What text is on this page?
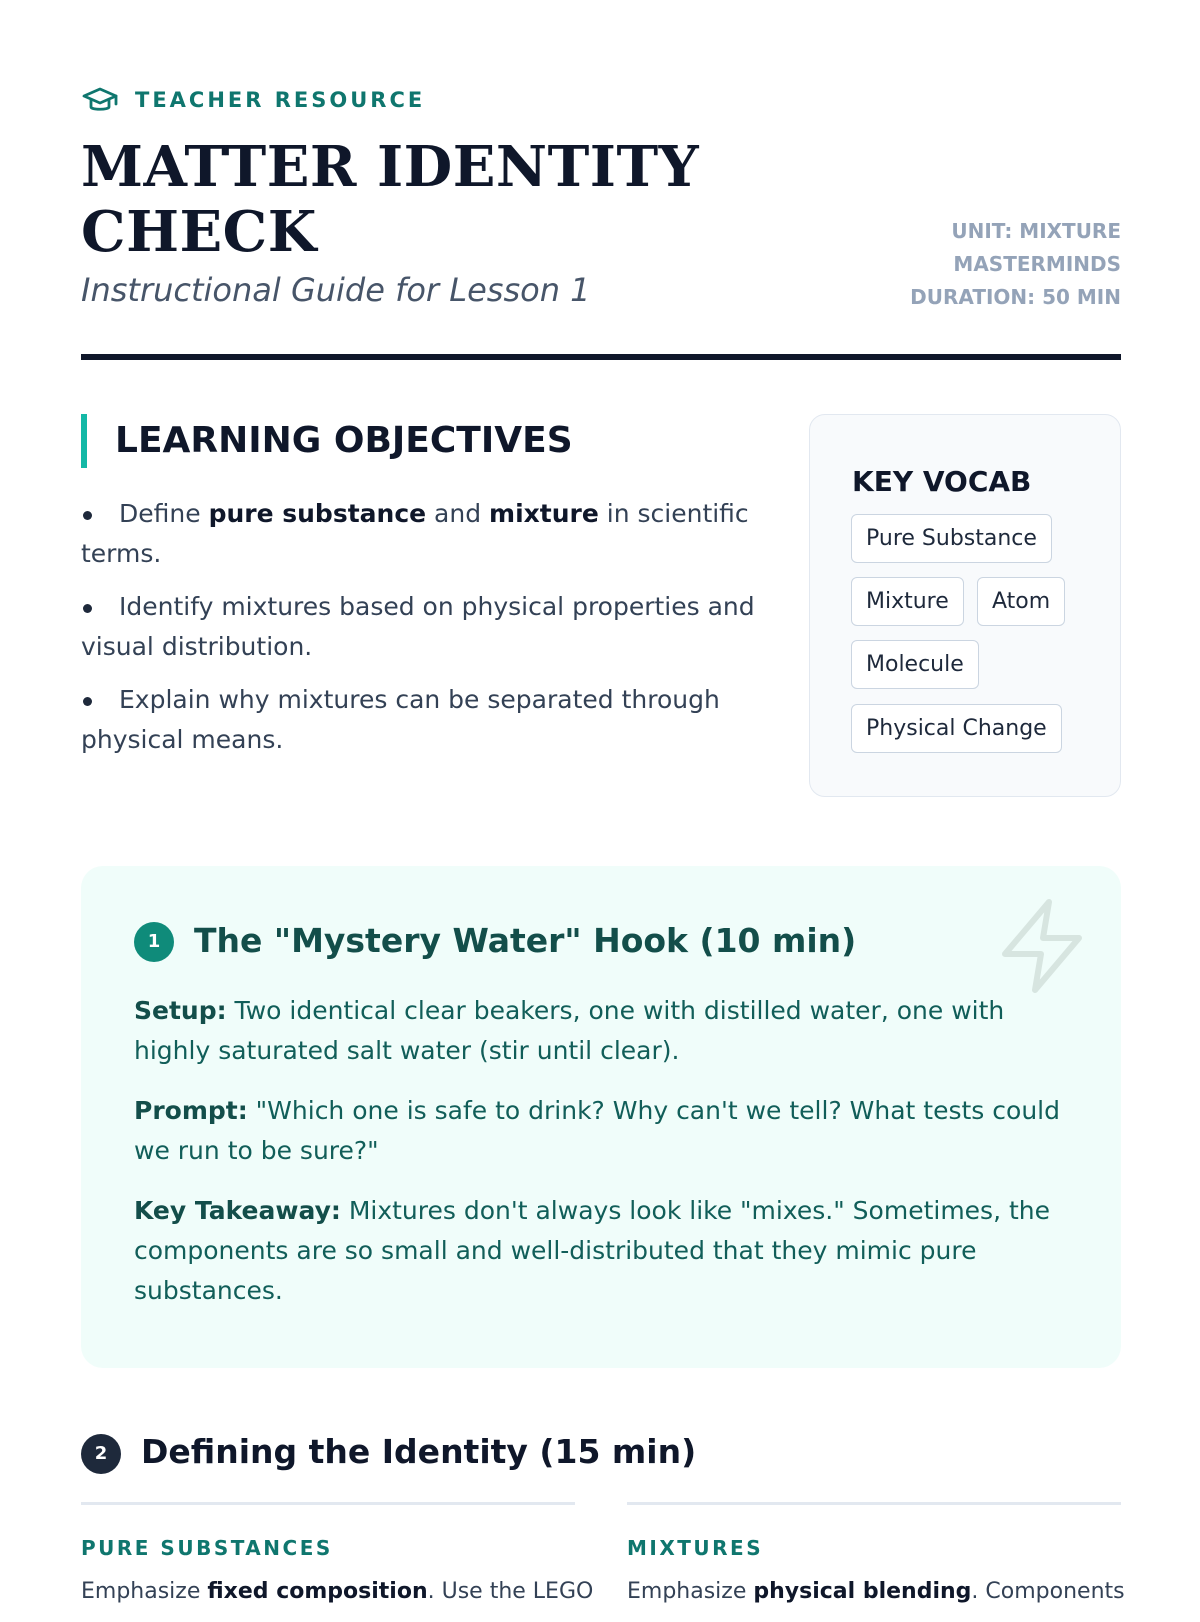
TEACHER RESOURCE
MATTER IDENTITY
CHECK
Instructional Guide for Lesson 1
UNIT: MIXTURE
MASTERMINDS
DURATION: 50 MIN
LEARNING OBJECTIVES
Define pure substance and mixture in scientific terms.
Identify mixtures based on physical properties and visual distribution.
Explain why mixtures can be separated through physical means.
KEY VOCAB
Pure Substance
Mixture	Atom
Molecule
Physical Change
1	The "Mystery Water" Hook (10 min)
Setup: Two identical clear beakers, one with distilled water, one with highly saturated salt water (stir until clear).
Prompt: "Which one is safe to drink? Why can't we tell? What tests could we run to be sure?"
Key Takeaway: Mixtures don't always look like "mixes." Sometimes, the components are so small and well-distributed that they mimic pure substances.
2	Defining the Identity (15 min)
PURE SUBSTANCES
Emphasize fixed composition. Use the LEGO
MIXTURES
Emphasize physical blending. Components
